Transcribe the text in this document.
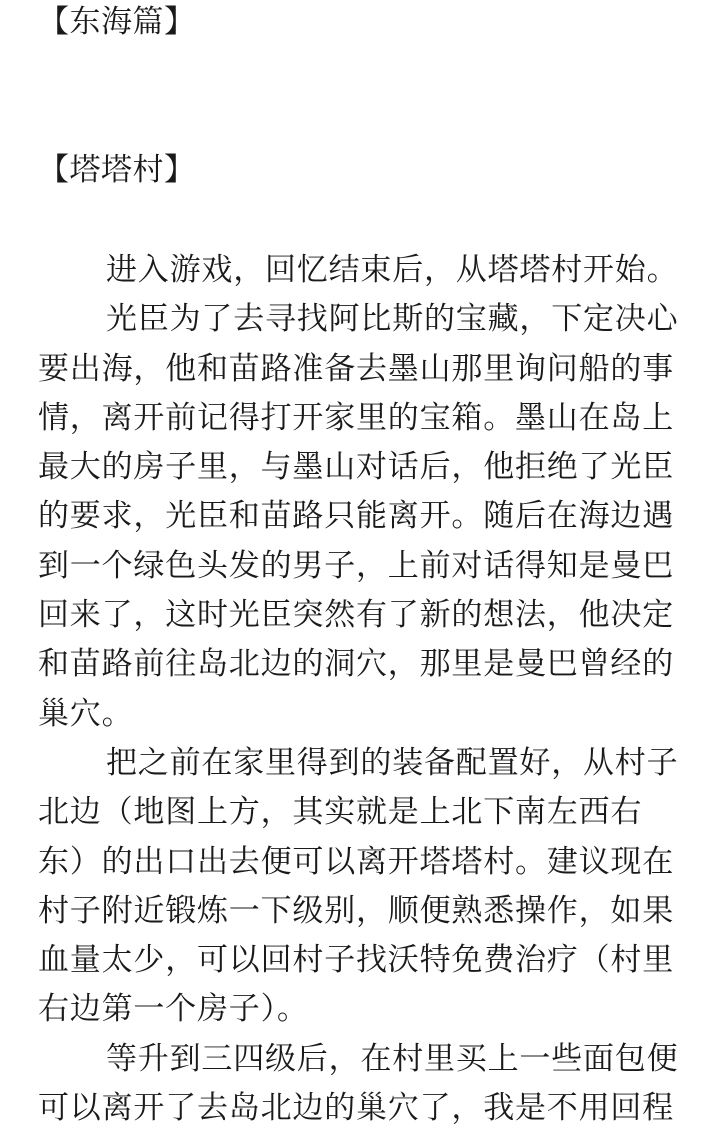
【东海篇】
【塔塔村】

进入游戏，回忆结束后，从塔塔村开始。

光臣为了去寻找阿比斯的宝藏，下定决心要出海，他和苗路准备去墨山那里询问船的事情，离开前记得打开家里的宝箱。墨山在岛上最大的房子里，与墨山对话后，他拒绝了光臣的要求，光臣和苗路只能离开。随后在海边遇到一个绿色头发的男子，上前对话得知是曼巴回来了，这时光臣突然有了新的想法，他决定和苗路前往岛北边的洞穴，那里是曼巴曾经的巢穴。

把之前在家里得到的装备配置好，从村子北边（地图上方，其实就是上北下南左西右东）的出口出去便可以离开塔塔村。建议现在村子附近锻炼一下级别，顺便熟悉操作，如果血量太少，可以回村子找沃特免费治疗（村里右边第一个房子）。

等升到三四级后，在村里买上一些面包便可以离开了去岛北边的巢穴了，我是不用回程
